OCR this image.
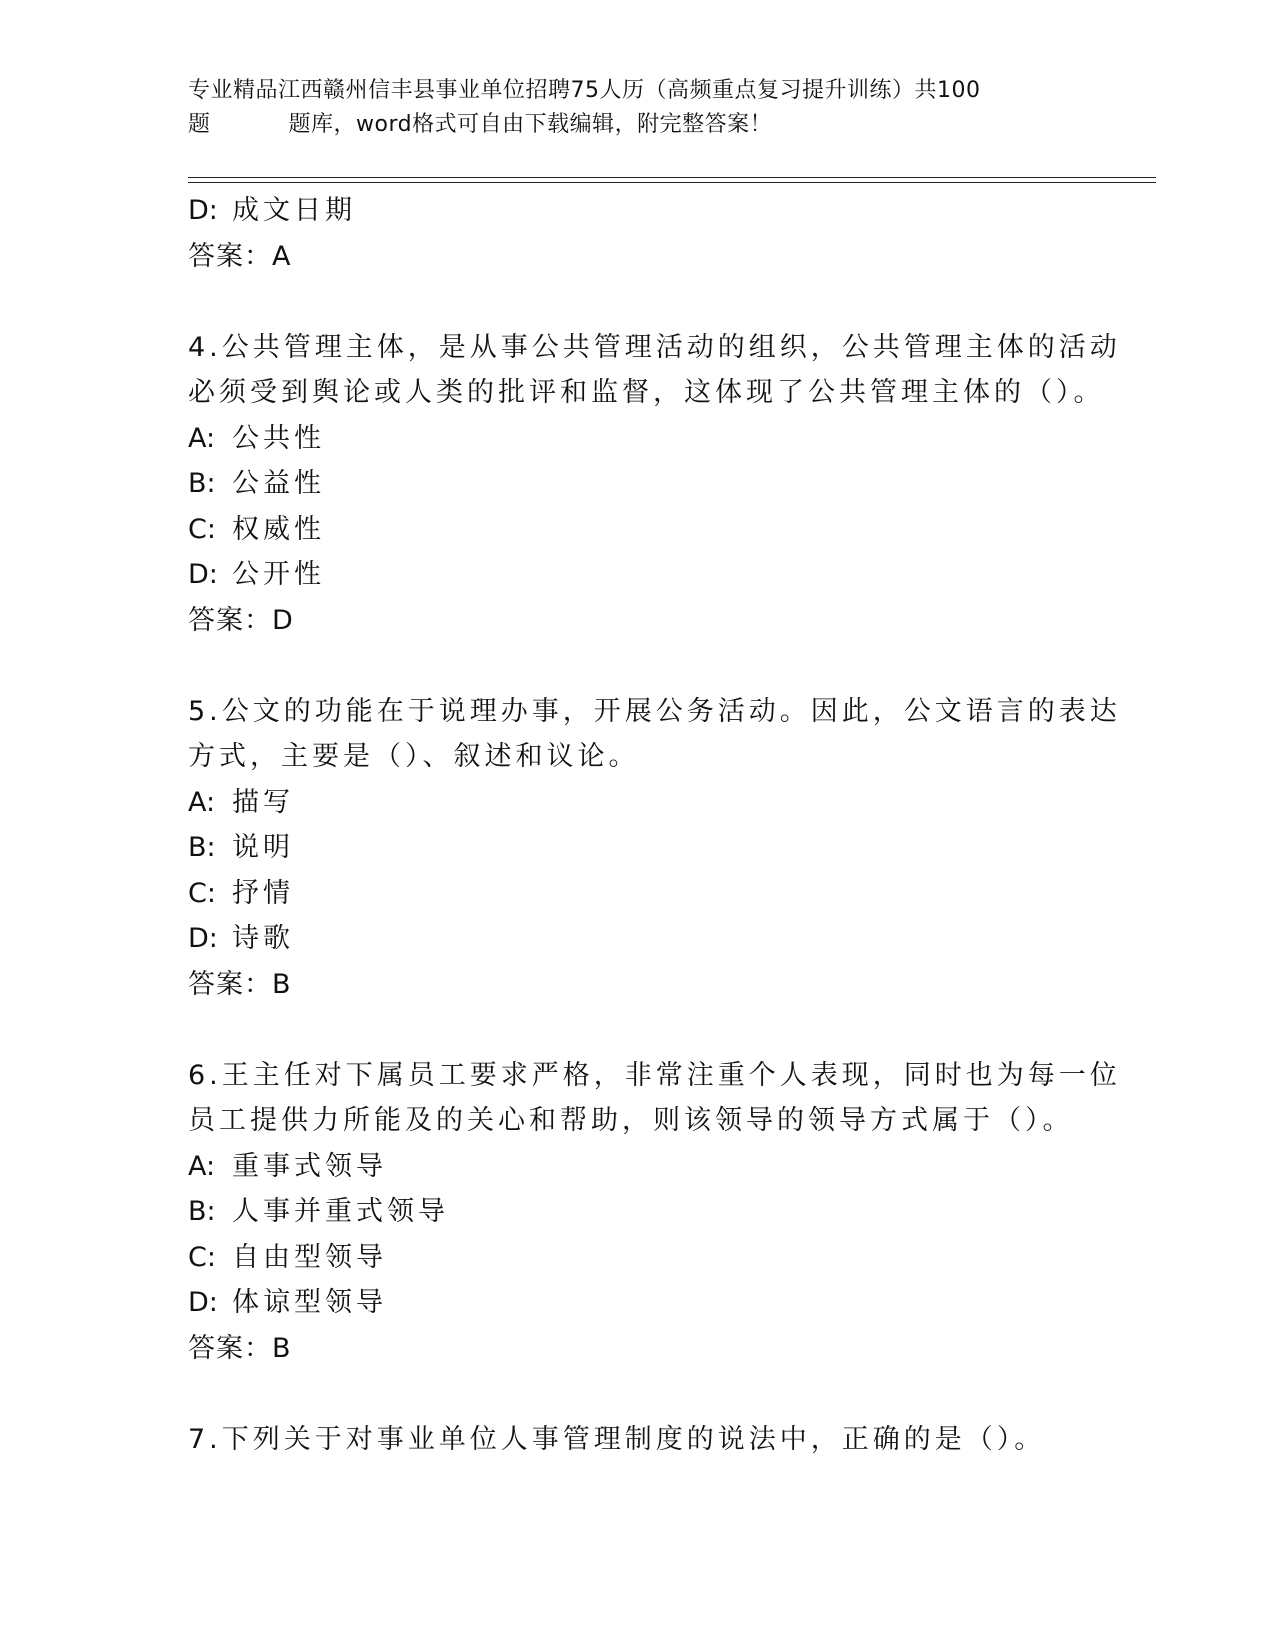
专业精品江西赣州信丰县事业单位招聘75人历（高频重点复习提升训练）共100
题	题库，word格式可自由下载编辑，附完整答案！
D: 成文日期
答案：A
4.公共管理主体，是从事公共管理活动的组织，公共管理主体的活动
必须受到舆论或人类的批评和监督，这体现了公共管理主体的（）。
A: 公共性
B: 公益性
C: 权威性
D: 公开性
答案：D
5.公文的功能在于说理办事，开展公务活动。因此，公文语言的表达
方式，主要是（）、叙述和议论。
A: 描写
B: 说明
C: 抒情
D: 诗歌
答案：B
6.王主任对下属员工要求严格，非常注重个人表现，同时也为每一位
员工提供力所能及的关心和帮助，则该领导的领导方式属于（）。
A: 重事式领导
B: 人事并重式领导
C: 自由型领导
D: 体谅型领导
答案：B
7.下列关于对事业单位人事管理制度的说法中，正确的是（）。
